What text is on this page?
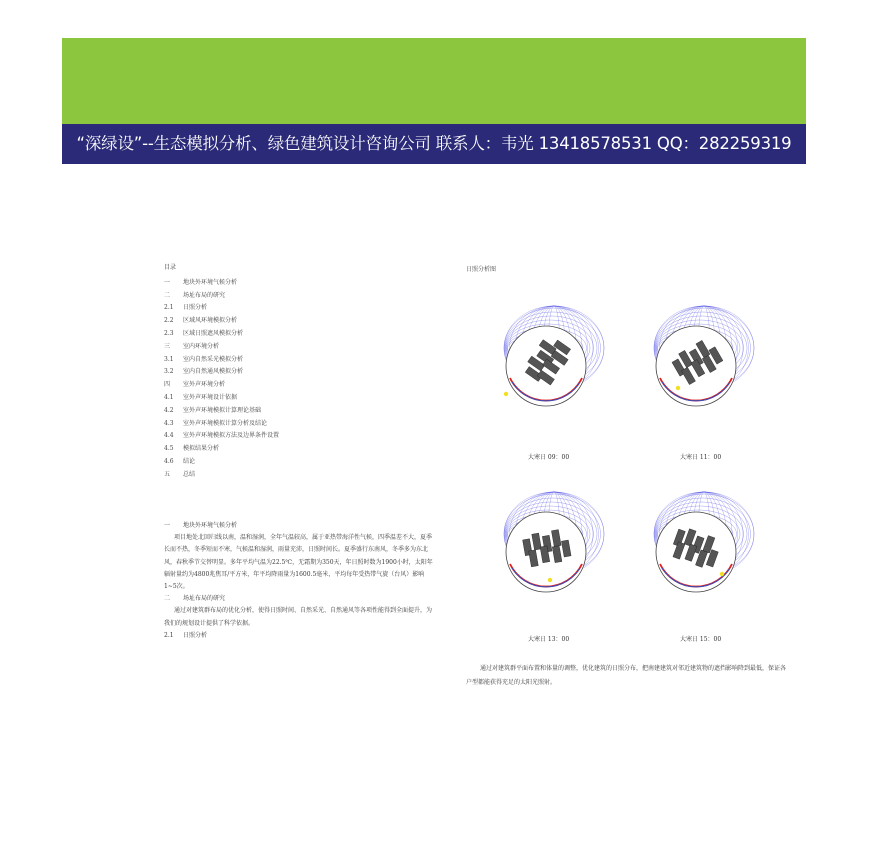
“深绿设”--生态模拟分析、绿色建筑设计咨询公司 联系人：韦光 13418578531 QQ：282259319
目录
一	地块外环境气候分析
二	场址布局的研究
2.1	日照分析
2.2	区域风环境模拟分析
2.3	区域日照遮风模拟分析
三	室内环境分析
3.1	室内自然采光模拟分析
3.2	室内自然通风模拟分析
四	室外声环境分析
4.1	室外声环境设计依据
4.2	室外声环境模拟计算理论基础
4.3	室外声环境模拟计算分析及结论
4.4	室外声环境模拟方法及边界条件设置
4.5	模拟结果分析
4.6	结论
五	总结
一	地块外环境气候分析

项目地处北回归线以南，温和湿润，全年气温较高，属于亚热带海洋性气候，四季温差不大，夏季长而不热，冬季短而不寒，气候温和湿润，雨量充沛，日照时间长。夏季盛行东南风，冬季多为东北风，春秋季节交替明显。多年平均气温为22.5℃，无霜期为350天，年日照时数为1900小时，太阳年辐射量约为4800兆焦耳/平方米，年平均降雨量为1600.5毫米，平均每年受热带气旋（台风）影响1~5次。

二	场址布局的研究

通过对建筑群布局的优化分析，使得日照时间、自然采光、自然通风等各项性能得到全面提升，为我们的规划设计提供了科学依据。

2.1	日照分析
日照分析图
大寒日 09：00	大寒日 11：00
大寒日 13：00	大寒日 15：00

通过对建筑群平面布置和体量的调整，优化建筑的日照分布，把南建建筑对邻近建筑物的遮挡影响降到最低，保证各户型都能获得充足的太阳光照射。
